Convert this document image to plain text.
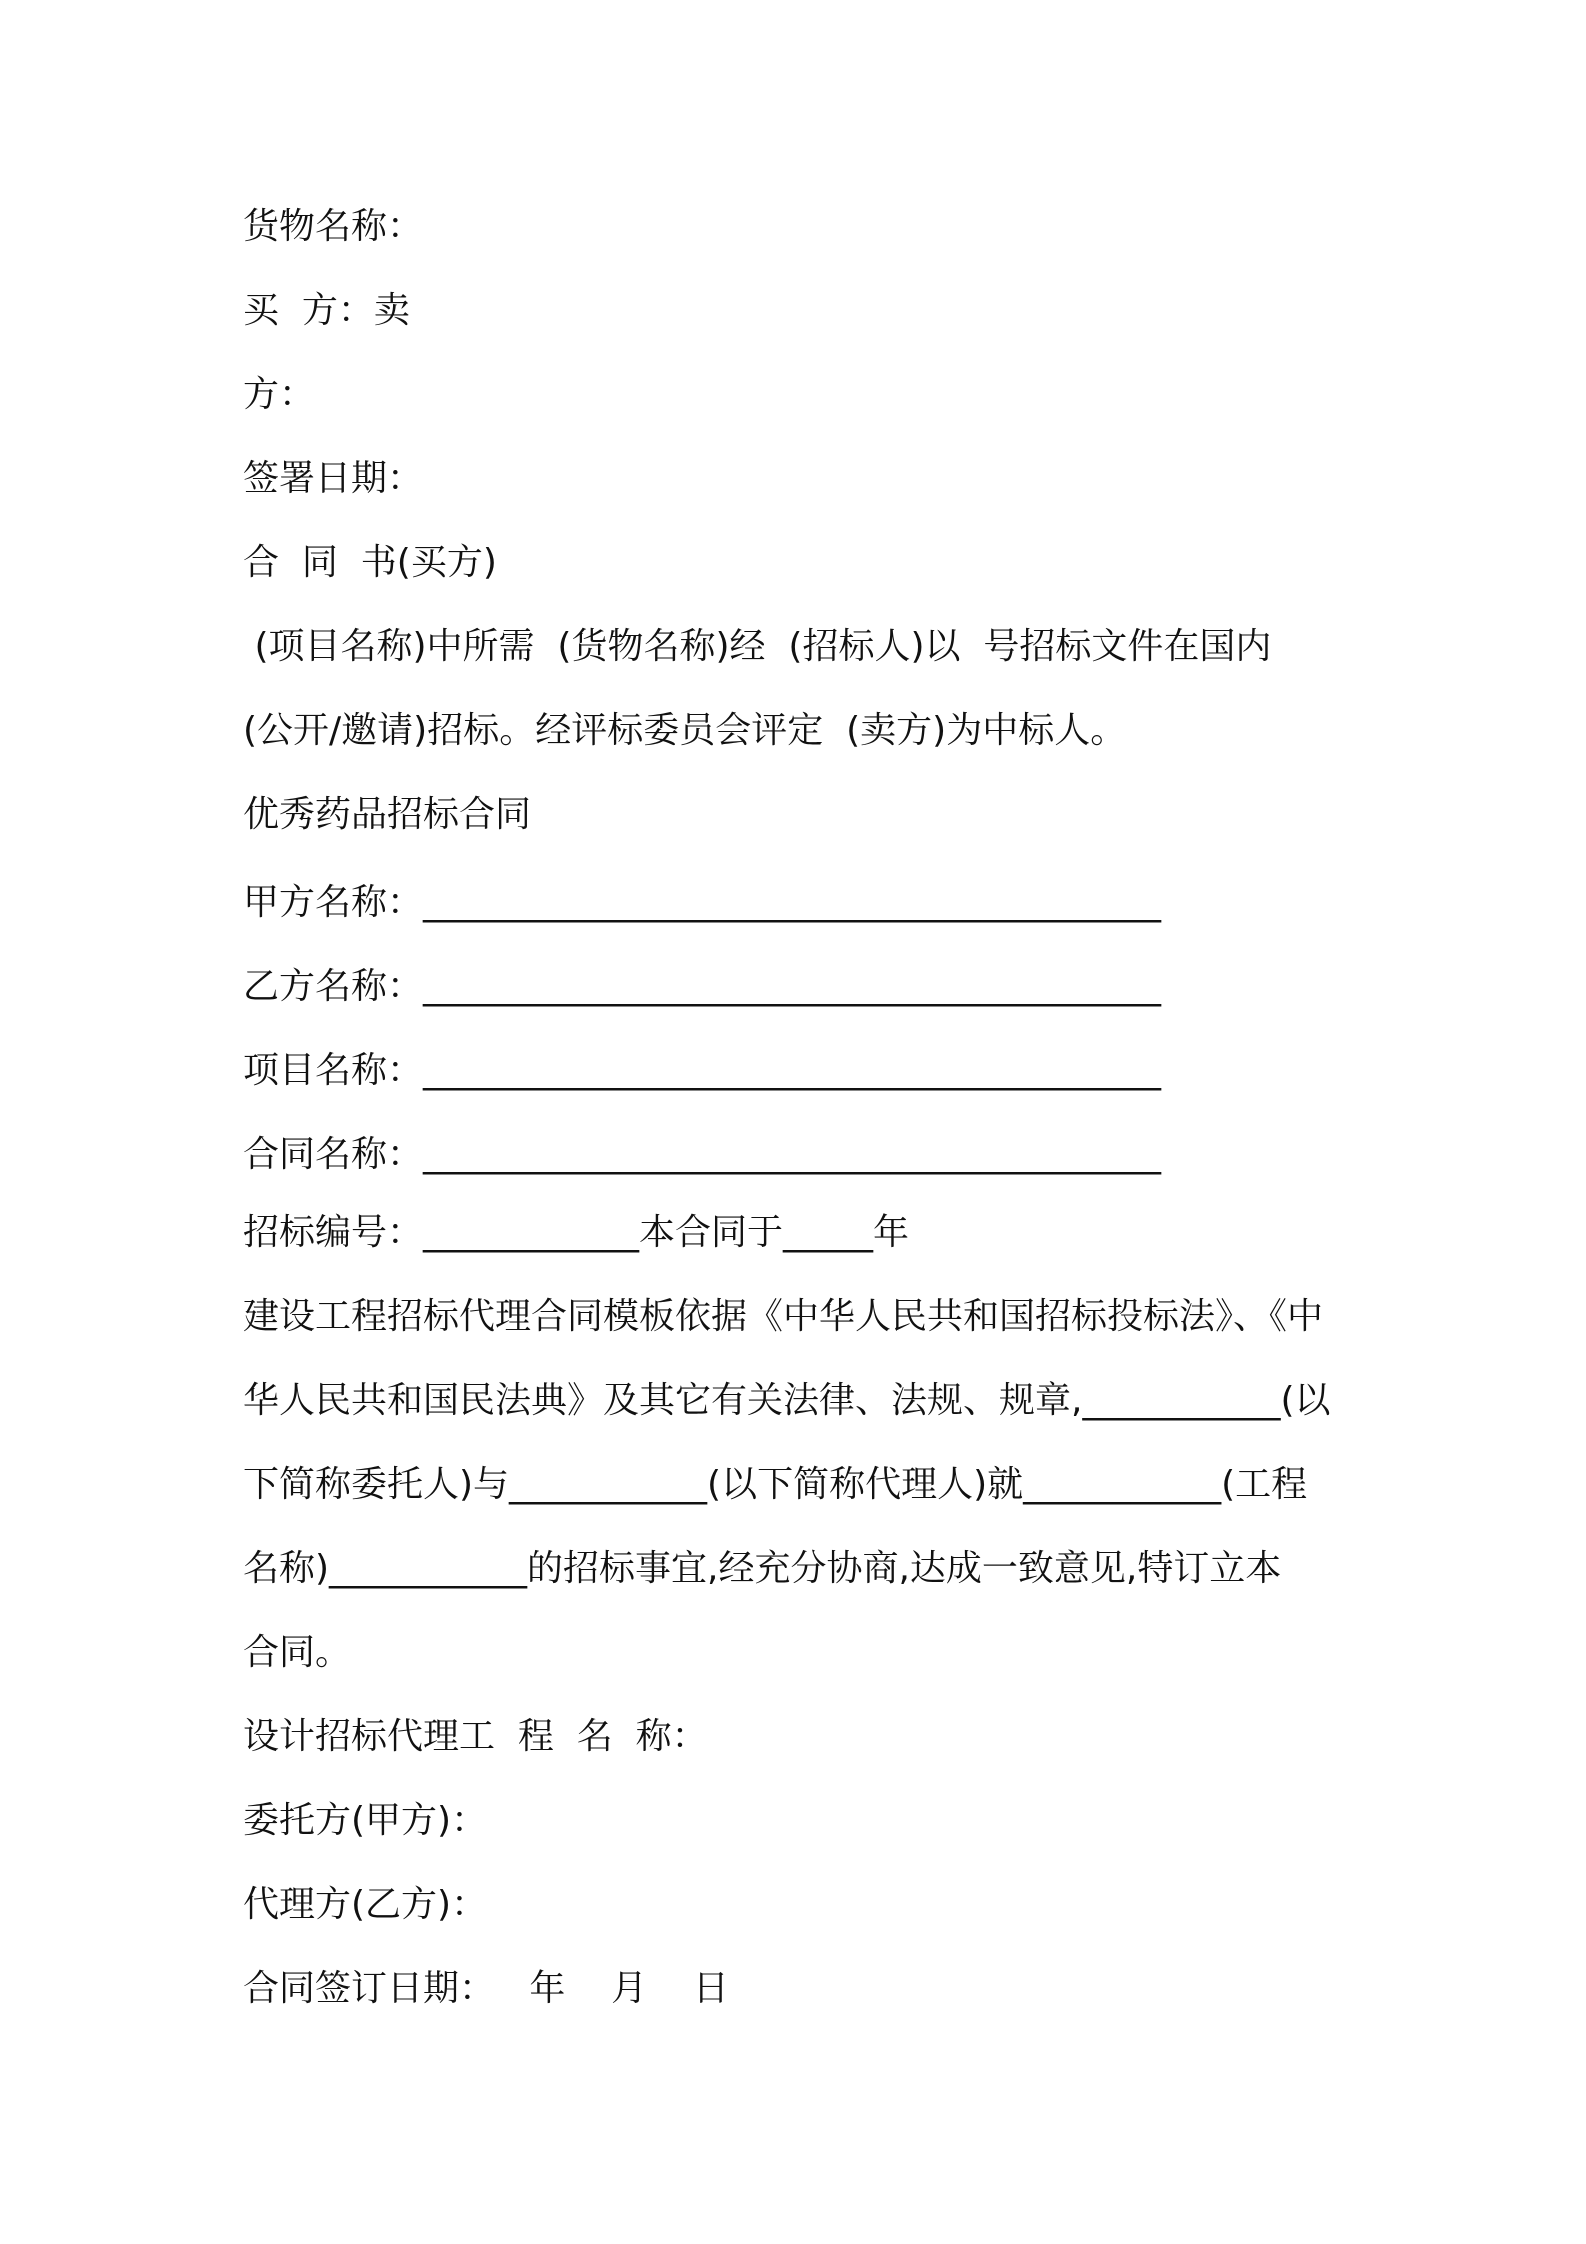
货物名称：
买  方：卖
方：
签署日期：
合  同  书(买方)
(项目名称)中所需  (货物名称)经  (招标人)以  号招标文件在国内
(公开/邀请)招标。经评标委员会评定  (卖方)为中标人。
优秀药品招标合同
甲方名称：_________________________________________
乙方名称：_________________________________________
项目名称：_________________________________________
合同名称：_________________________________________
招标编号：____________本合同于_____年
建设工程招标代理合同模板依据《中华人民共和国招标投标法》、《中
华人民共和国民法典》及其它有关法律、法规、规章,___________(以
下简称委托人)与___________(以下简称代理人)就___________(工程
名称)___________的招标事宜,经充分协商,达成一致意见,特订立本
合同。
设计招标代理工  程  名  称：
委托方(甲方)：
代理方(乙方)：
合同签订日期：   年    月    日
